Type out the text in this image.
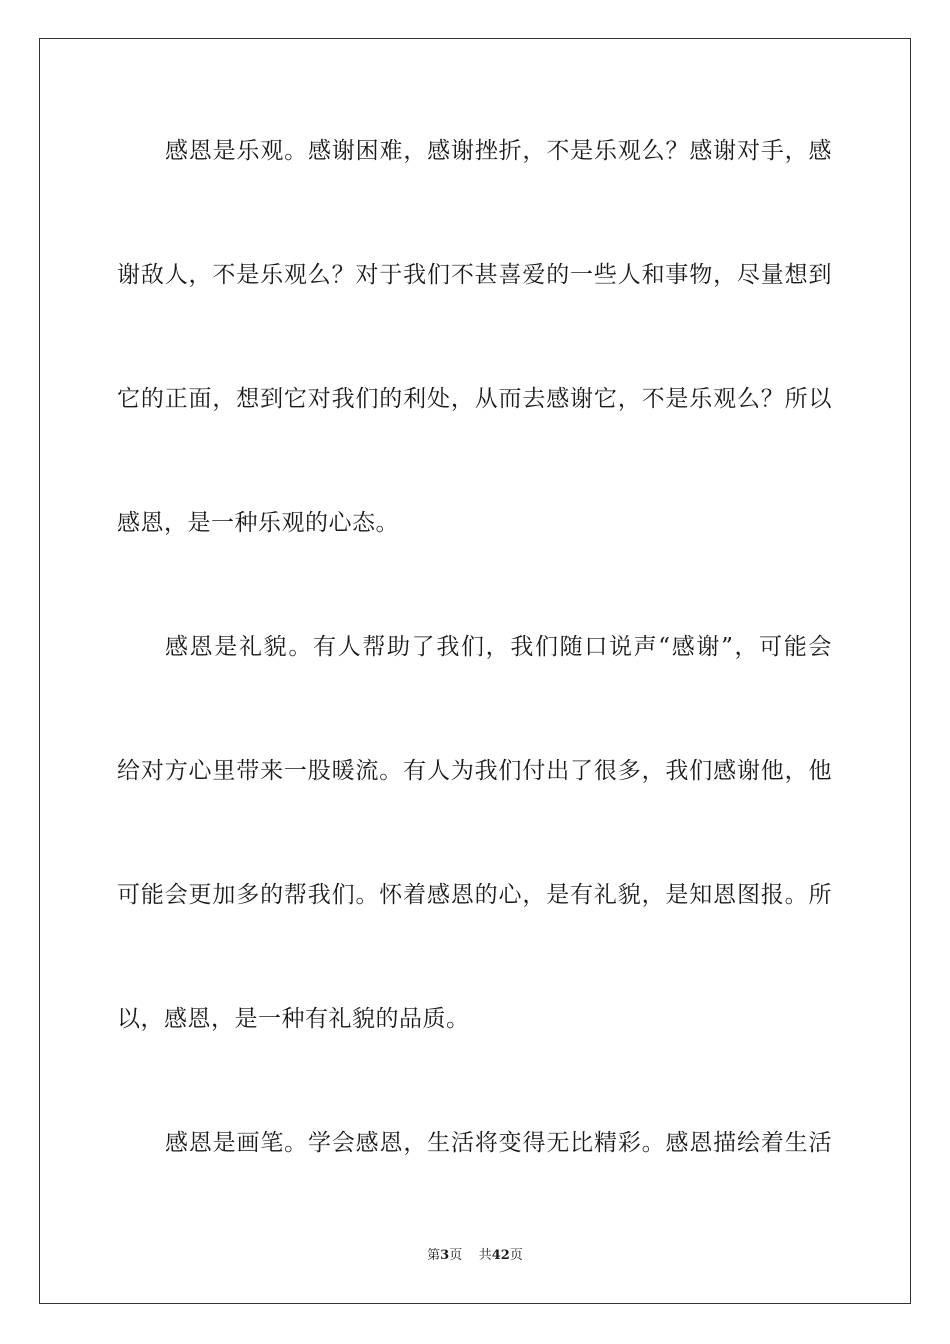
感恩是乐观。感谢困难，感谢挫折，不是乐观么？感谢对手，感
谢敌人，不是乐观么？对于我们不甚喜爱的一些人和事物，尽量想到
它的正面，想到它对我们的利处，从而去感谢它，不是乐观么？所以
感恩，是一种乐观的心态。
感恩是礼貌。有人帮助了我们，我们随口说声“感谢”，可能会
给对方心里带来一股暖流。有人为我们付出了很多，我们感谢他，他
可能会更加多的帮我们。怀着感恩的心，是有礼貌，是知恩图报。所
以，感恩，是一种有礼貌的品质。
感恩是画笔。学会感恩，生活将变得无比精彩。感恩描绘着生活
第3页 共42页
